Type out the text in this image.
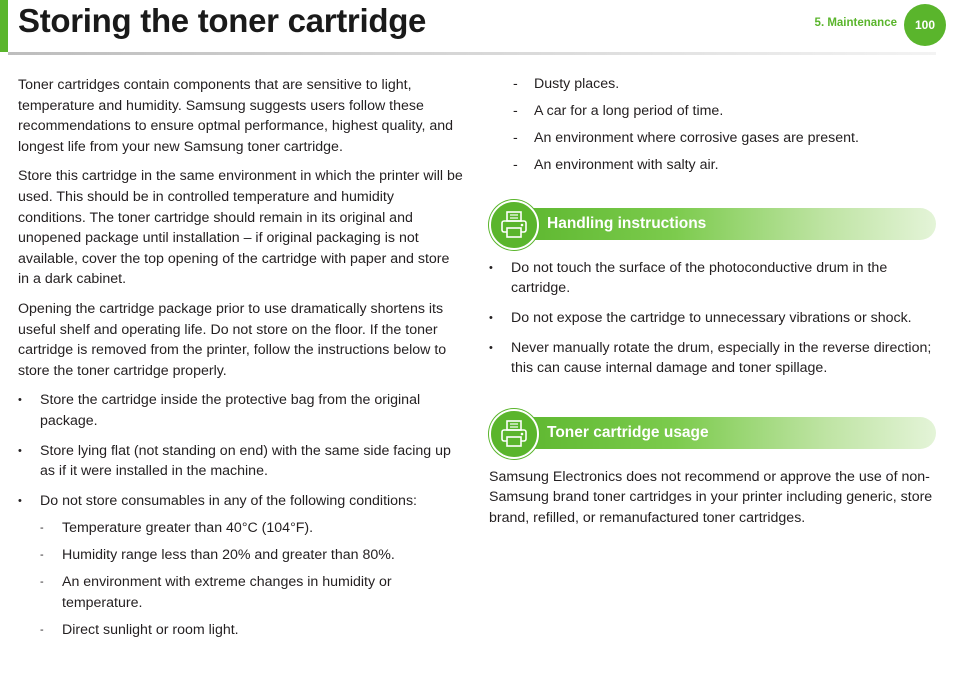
Storing the toner cartridge	5. Maintenance	100

Toner cartridges contain components that are sensitive to light, temperature and humidity. Samsung suggests users follow these recommendations to ensure optmal performance, highest quality, and longest life from your new Samsung toner cartridge.

Store this cartridge in the same environment in which the printer will be used. This should be in controlled temperature and humidity conditions. The toner cartridge should remain in its original and unopened package until installation – if original packaging is not available, cover the top opening of the cartridge with paper and store in a dark cabinet.

Opening the cartridge package prior to use dramatically shortens its useful shelf and operating life. Do not store on the floor. If the toner cartridge is removed from the printer, follow the instructions below to store the toner cartridge properly.

• Store the cartridge inside the protective bag from the original package.
• Store lying flat (not standing on end) with the same side facing up as if it were installed in the machine.
• Do not store consumables in any of the following conditions:
- Temperature greater than 40°C (104°F).
- Humidity range less than 20% and greater than 80%.
- An environment with extreme changes in humidity or temperature.
- Direct sunlight or room light.
- Dusty places.
- A car for a long period of time.
- An environment where corrosive gases are present.
- An environment with salty air.
Handling instructions
• Do not touch the surface of the photoconductive drum in the cartridge.
• Do not expose the cartridge to unnecessary vibrations or shock.
• Never manually rotate the drum, especially in the reverse direction; this can cause internal damage and toner spillage.
Toner cartridge usage

Samsung Electronics does not recommend or approve the use of non-Samsung brand toner cartridges in your printer including generic, store brand, refilled, or remanufactured toner cartridges.
